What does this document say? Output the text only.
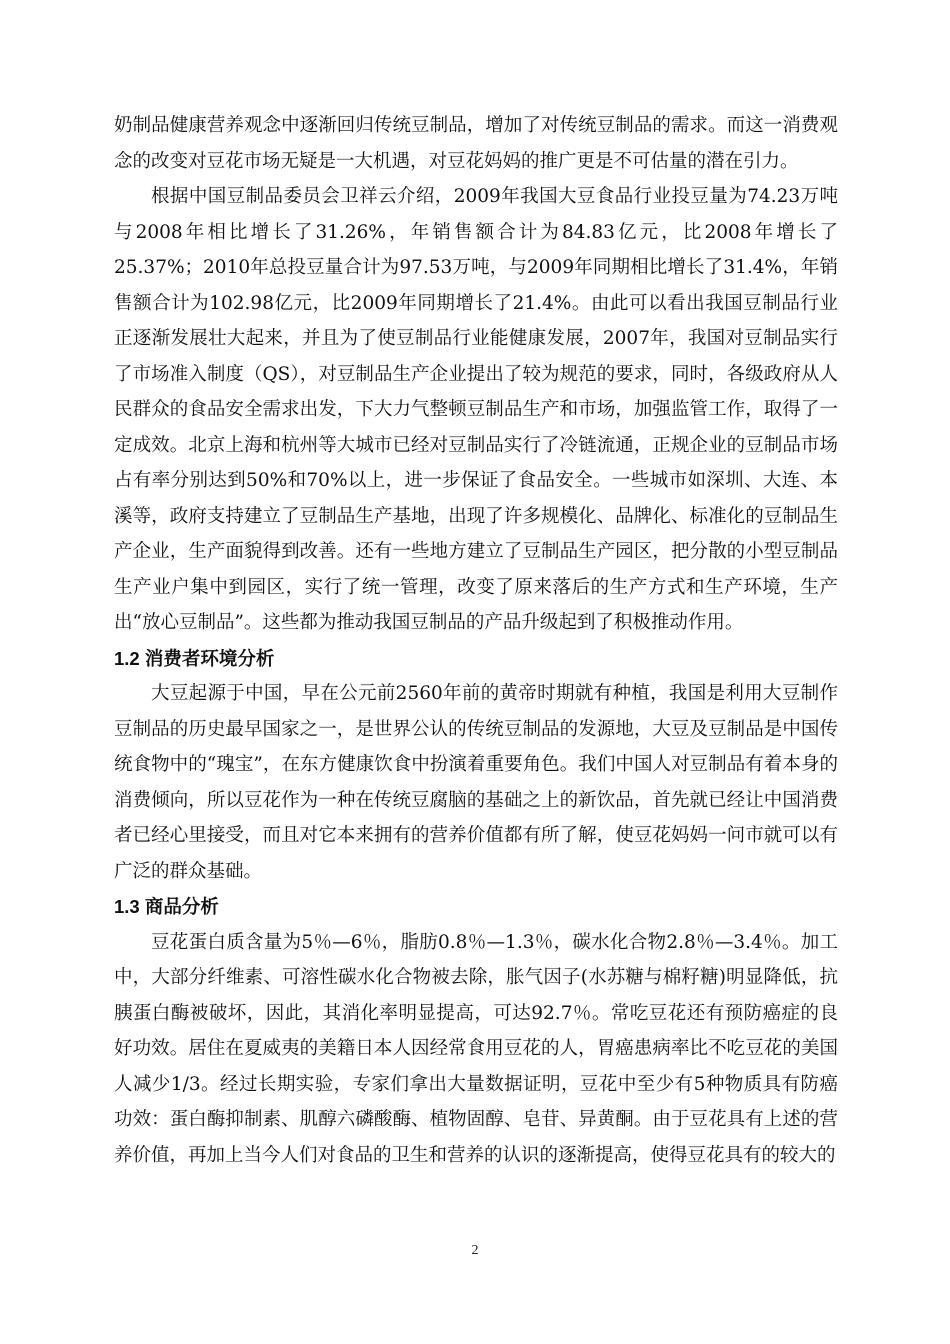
奶制品健康营养观念中逐渐回归传统豆制品，增加了对传统豆制品的需求。而这一消费观念的改变对豆花市场无疑是一大机遇，对豆花妈妈的推广更是不可估量的潜在引力。

根据中国豆制品委员会卫祥云介绍，2009年我国大豆食品行业投豆量为74.23万吨与2008年相比增长了31.26%，年销售额合计为84.83亿元，比2008年增长了25.37%；2010年总投豆量合计为97.53万吨，与2009年同期相比增长了31.4%，年销售额合计为102.98亿元，比2009年同期增长了21.4%。由此可以看出我国豆制品行业正逐渐发展壮大起来，并且为了使豆制品行业能健康发展，2007年，我国对豆制品实行了市场准入制度（QS），对豆制品生产企业提出了较为规范的要求，同时，各级政府从人民群众的食品安全需求出发，下大力气整顿豆制品生产和市场，加强监管工作，取得了一定成效。北京上海和杭州等大城市已经对豆制品实行了冷链流通，正规企业的豆制品市场占有率分别达到50%和70%以上，进一步保证了食品安全。一些城市如深圳、大连、本溪等，政府支持建立了豆制品生产基地，出现了许多规模化、品牌化、标准化的豆制品生产企业，生产面貌得到改善。还有一些地方建立了豆制品生产园区，把分散的小型豆制品生产业户集中到园区，实行了统一管理，改变了原来落后的生产方式和生产环境，生产出“放心豆制品”。这些都为推动我国豆制品的产品升级起到了积极推动作用。

1.2 消费者环境分析

大豆起源于中国，早在公元前2560年前的黄帝时期就有种植，我国是利用大豆制作豆制品的历史最早国家之一，是世界公认的传统豆制品的发源地，大豆及豆制品是中国传统食物中的“瑰宝”，在东方健康饮食中扮演着重要角色。我们中国人对豆制品有着本身的消费倾向，所以豆花作为一种在传统豆腐脑的基础之上的新饮品，首先就已经让中国消费者已经心里接受，而且对它本来拥有的营养价值都有所了解，使豆花妈妈一问市就可以有广泛的群众基础。

1.3 商品分析

豆花蛋白质含量为5％—6％，脂肪0.8％—1.3％，碳水化合物2.8％—3.4％。加工中，大部分纤维素、可溶性碳水化合物被去除，胀气因子(水苏糖与棉籽糖)明显降低，抗胰蛋白酶被破坏，因此，其消化率明显提高，可达92.7％。常吃豆花还有预防癌症的良好功效。居住在夏威夷的美籍日本人因经常食用豆花的人，胃癌患病率比不吃豆花的美国人减少1/3。经过长期实验，专家们拿出大量数据证明，豆花中至少有5种物质具有防癌功效：蛋白酶抑制素、肌醇六磷酸酶、植物固醇、皂苷、异黄酮。由于豆花具有上述的营养价值，再加上当今人们对食品的卫生和营养的认识的逐渐提高，使得豆花具有的较大的

2
